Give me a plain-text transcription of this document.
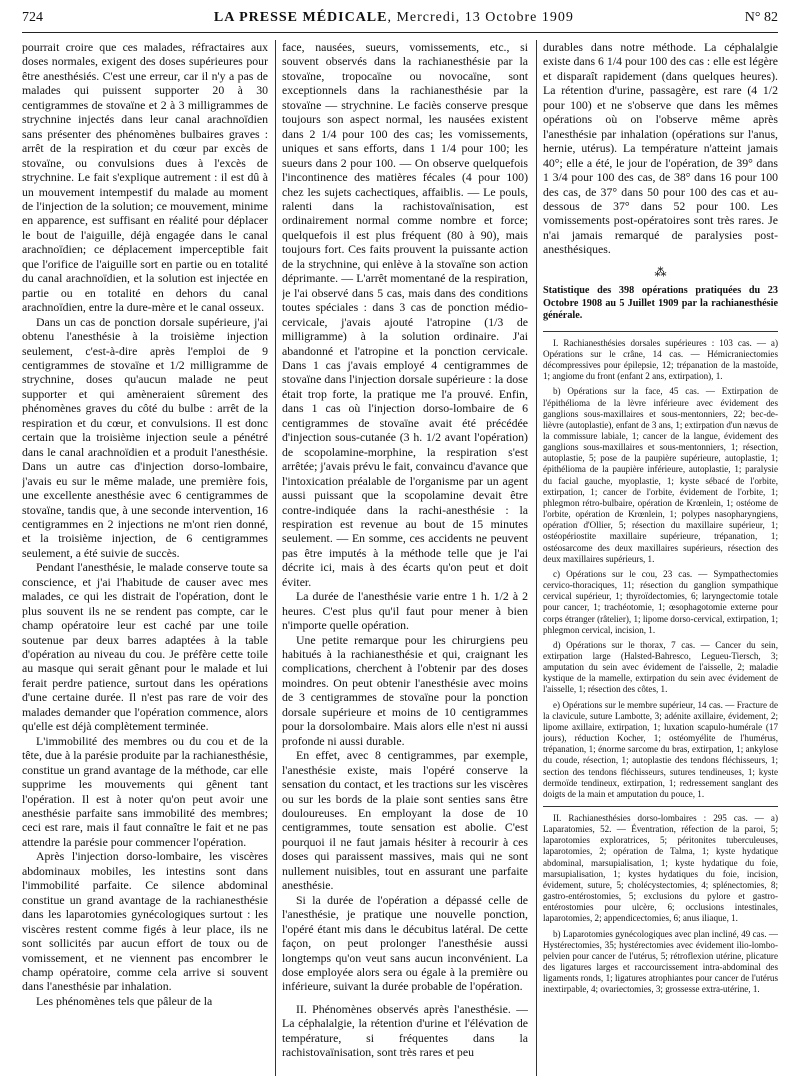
724	LA PRESSE MÉDICALE, Mercredi, 13 Octobre 1909	N° 82

pourrait croire que ces malades, réfractaires aux doses normales, exigent des doses supérieures pour être anesthésiés. C'est une erreur, car il n'y a pas de malades qui puissent supporter 20 à 30 centigrammes de stovaïne et 2 à 3 milligrammes de strychnine injectés dans leur canal arachnoïdien sans présenter des phénomènes bulbaires graves : arrêt de la respiration et du cœur par excès de stovaïne, ou convulsions dues à l'excès de strychnine. Le fait s'explique autrement : il est dû à un mouvement intempestif du malade au moment de l'injection de la solution; ce mouvement, minime en apparence, est suffisant en réalité pour déplacer le bout de l'aiguille, déjà engagée dans le canal arachnoïdien; ce déplacement imperceptible fait que l'orifice de l'aiguille sort en partie ou en totalité du canal arachnoïdien, et la solution est injectée en partie ou en totalité en dehors du canal arachnoïdien, entre la dure-mère et le canal osseux.

Dans un cas de ponction dorsale supérieure, j'ai obtenu l'anesthésie à la troisième injection seulement, c'est-à-dire après l'emploi de 9 centigrammes de stovaïne et 1/2 milligramme de strychnine, doses qu'aucun malade ne peut supporter et qui amèneraient sûrement des phénomènes graves du côté du bulbe : arrêt de la respiration et du cœur, et convulsions. Il est donc certain que la troisième injection seule a pénétré dans le canal arachnoïdien et a produit l'anesthésie. Dans un autre cas d'injection dorso-lombaire, j'avais eu sur le même malade, une première fois, une excellente anesthésie avec 6 centigrammes de stovaïne, tandis que, à une seconde intervention, 16 centigrammes en 2 injections ne m'ont rien donné, et la troisième injection, de 6 centigrammes seulement, a été suivie de succès.

Pendant l'anesthésie, le malade conserve toute sa conscience, et j'ai l'habitude de causer avec mes malades, ce qui les distrait de l'opération, dont le plus souvent ils ne se rendent pas compte, car le champ opératoire leur est caché par une toile soutenue par deux barres adaptées à la table d'opération au niveau du cou. Je préfère cette toile au masque qui serait gênant pour le malade et lui ferait perdre patience, surtout dans les opérations d'une certaine durée. Il n'est pas rare de voir des malades demander que l'opération commence, alors qu'elle est déjà complètement terminée.

L'immobilité des membres ou du cou et de la tête, due à la parésie produite par la rachianesthésie, constitue un grand avantage de la méthode, car elle supprime les mouvements qui gênent tant l'opération. Il est à noter qu'on peut avoir une anesthésie parfaite sans immobilité des membres; ceci est rare, mais il faut connaître le fait et ne pas attendre la parésie pour commencer l'opération.

Après l'injection dorso-lombaire, les viscères abdominaux mobiles, les intestins sont dans l'immobilité parfaite. Ce silence abdominal constitue un grand avantage de la rachianesthésie dans les laparotomies gynécologiques surtout : les viscères restent comme figés à leur place, ils ne sont sollicités par aucun effort de toux ou de vomissement, et ne viennent pas encombrer le champ opératoire, comme cela arrive si souvent dans l'anesthésie par inhalation.

Les phénomènes tels que pâleur de la

face, nausées, sueurs, vomissements, etc., si souvent observés dans la rachianesthésie par la stovaïne, tropocaïne ou novocaïne, sont exceptionnels dans la rachianesthésie par la stovaïne — strychnine. Le faciès conserve presque toujours son aspect normal, les nausées existent dans 2 1/4 pour 100 des cas; les vomissements, uniques et sans efforts, dans 1 1/4 pour 100; les sueurs dans 2 pour 100. — On observe quelquefois l'incontinence des matières fécales (4 pour 100) chez les sujets cachectiques, affaiblis. — Le pouls, ralenti dans la rachistovaïnisation, est ordinairement normal comme nombre et force; quelquefois il est plus fréquent (80 à 90), mais toujours fort. Ces faits prouvent la puissante action de la strychnine, qui enlève à la stovaïne son action déprimante. — L'arrêt momentané de la respiration, je l'ai observé dans 5 cas, mais dans des conditions toutes spéciales : dans 3 cas de ponction médio-cervicale, j'avais ajouté l'atropine (1/3 de milligramme) à la solution ordinaire. J'ai abandonné et l'atropine et la ponction cervicale. Dans 1 cas j'avais employé 4 centigrammes de stovaïne dans l'injection dorsale supérieure : la dose était trop forte, la pratique me l'a prouvé. Enfin, dans 1 cas où l'injection dorso-lombaire de 6 centigrammes de stovaïne avait été précédée d'injection sous-cutanée (3 h. 1/2 avant l'opération) de scopolamine-morphine, la respiration s'est arrêtée; j'avais prévu le fait, convaincu d'avance que l'intoxication préalable de l'organisme par un agent aussi puissant que la scopolamine devait être contre-indiquée dans la rachi-anesthésie : la respiration est revenue au bout de 15 minutes seulement. — En somme, ces accidents ne peuvent pas être imputés à la méthode telle que je l'ai décrite ici, mais à des écarts qu'on peut et doit éviter.

La durée de l'anesthésie varie entre 1 h. 1/2 à 2 heures. C'est plus qu'il faut pour mener à bien n'importe quelle opération.

Une petite remarque pour les chirurgiens peu habitués à la rachianesthésie et qui, craignant les complications, cherchent à l'obtenir par des doses moindres. On peut obtenir l'anesthésie avec moins de 3 centigrammes de stovaïne pour la ponction dorsale supérieure et moins de 10 centigrammes pour la dorsolombaire. Mais alors elle n'est ni aussi profonde ni aussi durable.

En effet, avec 8 centigrammes, par exemple, l'anesthésie existe, mais l'opéré conserve la sensation du contact, et les tractions sur les viscères ou sur les bords de la plaie sont senties sans être douloureuses. En employant la dose de 10 centigrammes, toute sensation est abolie. C'est pourquoi il ne faut jamais hésiter à recourir à ces doses qui paraissent massives, mais qui ne sont nullement nuisibles, tout en assurant une parfaite anesthésie.

Si la durée de l'opération a dépassé celle de l'anesthésie, je pratique une nouvelle ponction, l'opéré étant mis dans le décubitus latéral. De cette façon, on peut prolonger l'anesthésie aussi longtemps qu'on veut sans aucun inconvénient. La dose employée alors sera ou égale à la première ou inférieure, suivant la durée probable de l'opération.

II. Phénomènes observés après l'anesthésie. — La céphalalgie, la rétention d'urine et l'élévation de température, si fréquentes dans la rachistovaïnisation, sont très rares et peu

durables dans notre méthode. La céphalalgie existe dans 6 1/4 pour 100 des cas : elle est légère et disparaît rapidement (dans quelques heures). La rétention d'urine, passagère, est rare (4 1/2 pour 100) et ne s'observe que dans les mêmes opérations où on l'observe même après l'anesthésie par inhalation (opérations sur l'anus, hernie, utérus). La température n'atteint jamais 40°; elle a été, le jour de l'opération, de 39° dans 1 3/4 pour 100 des cas, de 38° dans 16 pour 100 des cas, de 37° dans 50 pour 100 des cas et au-dessous de 37° dans 52 pour 100. Les vomissements post-opératoires sont très rares. Je n'ai jamais remarqué de paralysies post-anesthésiques.

⁂
Statistique des 398 opérations pratiquées du 23 Octobre 1908 au 5 Juillet 1909 par la rachianesthésie générale.

I. Rachianesthésies dorsales supérieures : 103 cas. — a) Opérations sur le crâne, 14 cas. — Hémicraniectomies décompressives pour épilepsie, 12; trépanation de la mastoïde, 1; angiome du front (enfant 2 ans, extirpation), 1.

b) Opérations sur la face, 45 cas. — Extirpation de l'épithélioma de la lèvre inférieure avec évidement des ganglions sous-maxillaires et sous-mentonniers, 22; bec-de-lièvre (autoplastie), enfant de 3 ans, 1; extirpation d'un nævus de la commissure labiale, 1; cancer de la langue, évidement des ganglions sous-maxillaires et sous-mentonniers, 1; résection, autoplastie, 5; pose de la paupière supérieure, autoplastie, 1; épithélioma de la paupière inférieure, autoplastie, 1; paralysie du facial gauche, myoplastie, 1; kyste sébacé de l'orbite, extirpation, 1; cancer de l'orbite, évidement de l'orbite, 1; phlegmon rétro-bulbaire, opération de Krœnlein, 1; ostéome de l'orbite, opération de Krœnlein, 1; polypes nasopharyngiens, opération d'Ollier, 5; résection du maxillaire supérieur, 1; ostéopériostite maxillaire supérieure, trépanation, 1; ostéosarcome des deux maxillaires supérieurs, résection des deux maxillaires supérieurs, 1.

c) Opérations sur le cou, 23 cas. — Sympathectomies cervico-thoraciques, 11; résection du ganglion sympathique cervical supérieur, 1; thyroïdectomies, 6; laryngectomie totale pour cancer, 1; trachéotomie, 1; œsophagotomie externe pour corps étranger (râtelier), 1; lipome dorso-cervical, extirpation, 1; phlegmon cervical, incision, 1.

d) Opérations sur le thorax, 7 cas. — Cancer du sein, extirpation large (Halsted-Bahresco, Legueu-Tiersch, 3; amputation du sein avec évidement de l'aisselle, 2; maladie kystique de la mamelle, extirpation du sein avec évidement de l'aisselle, 1; résection des côtes, 1.

e) Opérations sur le membre supérieur, 14 cas. — Fracture de la clavicule, suture Lambotte, 3; adénite axillaire, évidement, 2; lipome axillaire, extirpation, 1; luxation scapulo-humérale (17 jours), réduction Kocher, 1; ostéomyélite de l'humérus, trépanation, 1; énorme sarcome du bras, extirpation, 1; ankylose du coude, résection, 1; autoplastie des tendons fléchisseurs, 1; section des tendons fléchisseurs, sutures tendineuses, 1; kyste dermoïde tendineux, extirpation, 1; redressement sanglant des doigts de la main et amputation du pouce, 1.

II. Rachianesthésies dorso-lombaires : 295 cas. — a) Laparatomies, 52. — Éventration, réfection de la paroi, 5; laparotomies exploratrices, 5; péritonites tuberculeuses, laparotomies, 2; opération de Talma, 1; kyste hydatique abdominal, marsupialisation, 1; kyste hydatique du foie, marsupialisation, 1; kystes hydatiques du foie, incision, évidement, suture, 5; cholécystectomies, 4; splénectomies, 8; gastro-entérostomies, 5; exclusions du pylore et gastro-entérostomies pour ulcère, 6; occlusions intestinales, laparotomies, 2; appendicectomies, 6; anus iliaque, 1.

b) Laparotomies gynécologiques avec plan incliné, 49 cas. — Hystérectomies, 35; hystérectomies avec évidement ilio-lombo-pelvien pour cancer de l'utérus, 5; rétroflexion utérine, plicature des ligatures larges et raccourcissement intra-abdominal des ligaments ronds, 1; ligatures atrophiantes pour cancer de l'utérus inextirpable, 4; ovariectomies, 3; grossesse extra-utérine, 1.
